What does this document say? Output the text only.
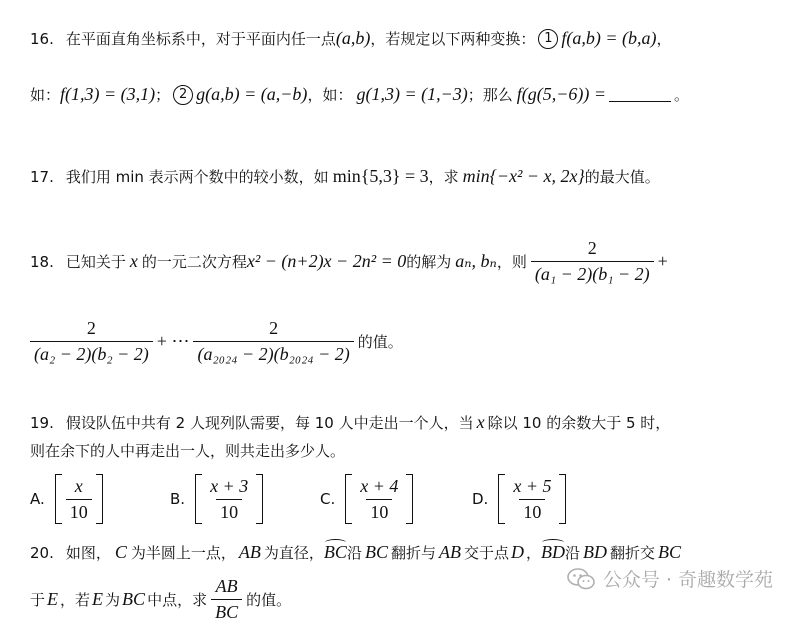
16. 在平面直角坐标系中，对于平面内任一点 (a,b) ，若规定以下两种变换： 1 f(a,b) = (b,a) ，
如： f(1,3) = (3,1) ； 2 g(a,b) = (a,−b) ，如： g(1,3) = (1,−3) ；那么 f(g(5,−6)) =	。
17. 我们用 min 表示两个数中的较小数，如 min{5,3} = 3 ，求 min{−x² − x, 2x} 的最大值。
18. 已知关于 x 的一元二次方程 x² − (n+2)x − 2n² = 0 的解为 aₙ, bₙ ，则 $\frac{2}{\text{(a₁ − 2)(b₁ − 2)}}$ +
$\frac{2}{\text{(a₂ − 2)(b₂ − 2)}}$ + ⋯ $\frac{2}{\text{(a₂₀₂₄ − 2)(b₂₀₂₄ − 2)}}$ 的值。
19. 假设队伍中共有 2 人现列队需要，每 10 人中走出一个人，当 x 除以 10 的余数大于 5 时，
则在余下的人中再走出一人，则共走出多少人。
A. $\frac{x}{10}$	B. $\frac{x + 3}{10}$	C. $\frac{x + 4}{10}$	D. $\frac{x + 5}{10}$
20. 如图， C 为半圆上一点， AB 为直径， BC 沿 BC 翻折与 AB 交于点 D ， BD 沿 BD 翻折交 BC
于 E ，若 E 为 BC 中点，求 $\frac{AB}{BC}$ 的值。
公众号 · 奇趣数学苑
